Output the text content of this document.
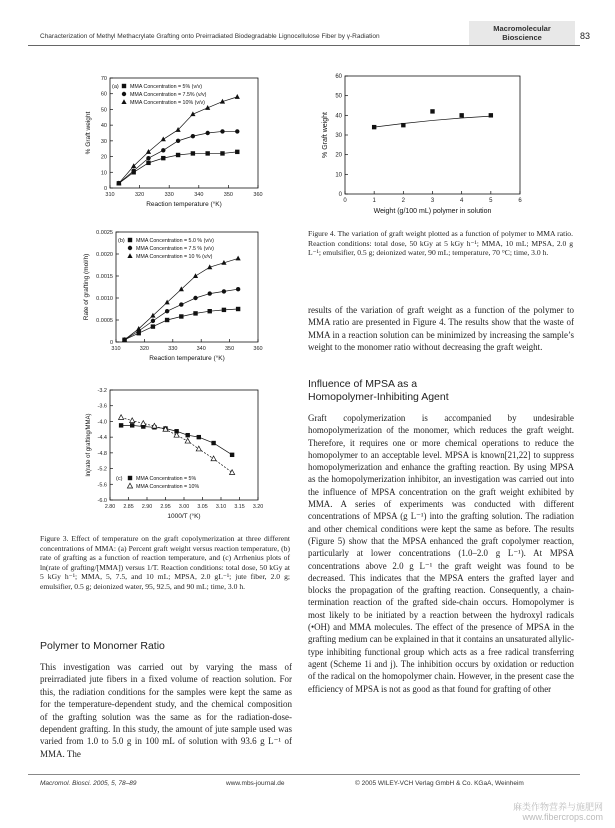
Characterization of Methyl Methacrylate Grafting onto Preirradiated Biodegradable Lignocellulose Fiber by γ-Radiation
Macromolecular
Bioscience	83
310	320	330	340	350	360
0
10
20
30
40
50
60
70
Reaction temperature (°K)
% Graft weight
(a) MMA Concentration = 5% (v/v)
MMA Concentration = 7.5% (v/v)
MMA Concentration = 10% (v/v)
310	320	330	340	350	360
0
0.0005
0.0010
0.0015
0.0020
0.0025
Reaction temperature (°K)
Rate of grafting (mol/h)
(b) MMA Concentration = 5.0 % (v/v)
MMA Concentration = 7.5 % (v/v)
MMA Concentration = 10 % (v/v)
2.80 2.85 2.90 2.95 3.00 3.05 3.10 3.15 3.20
-3.2
-3.6
-4.0
-4.4
-4.8
-5.2
-5.6
-6.0
1000/T (°K)
ln(rate of grafting/MMA)
(c)	MMA Concentration = 5%
MMA Concentration = 10%
Figure 3. Effect of temperature on the graft copolymerization at three different concentrations of MMA: (a) Percent graft weight versus reaction temperature, (b) rate of grafting as a function of reaction temperature, and (c) Arrhenius plots of ln(rate of grafting/[MMA]) versus 1/T. Reaction conditions: total dose, 50 kGy at 5 kGy h⁻¹; MMA, 5, 7.5, and 10 mL; MPSA, 2.0 gL⁻¹; jute fiber, 2.0 g; emulsifier, 0.5 g; deionized water, 95, 92.5, and 90 mL; time, 3.0 h.
0	1	2	3	4	5	6
0
10
20
30
40
50
60
Weight (g/100 mL) polymer in solution
% Graft weight
Figure 4. The variation of graft weight plotted as a function of polymer to MMA ratio. Reaction conditions: total dose, 50 kGy at 5 kGy h⁻¹; MMA, 10 mL; MPSA, 2.0 g L⁻¹; emulsifier, 0.5 g; deionized water, 90 mL; temperature, 70 °C; time, 3.0 h.
Polymer to Monomer Ratio
This investigation was carried out by varying the mass of preirradiated jute fibers in a fixed volume of reaction solution. For this, the radiation conditions for the samples were kept the same as for the temperature-dependent study, and the chemical composition of the grafting solution was the same as for the radiation-dose-dependent grafting. In this study, the amount of jute sample used was varied from 1.0 to 5.0 g in 100 mL of solution with 93.6 g L⁻¹ of MMA. The
results of the variation of graft weight as a function of the polymer to MMA ratio are presented in Figure 4. The results show that the waste of MMA in a reaction solution can be minimized by increasing the sample’s weight to the monomer ratio without decreasing the graft weight.
Influence of MPSA as a
Homopolymer-Inhibiting Agent
Graft copolymerization is accompanied by undesirable homopolymerization of the monomer, which reduces the graft weight. Therefore, it requires one or more chemical operations to reduce the homopolymer to an acceptable level. MPSA is known[21,22] to suppress homopolymerization and enhance the grafting reaction. By using MPSA as the homopolymerization inhibitor, an investigation was carried out into the influence of MPSA concentration on the graft weight exhibited by MMA. A series of experiments was conducted with different concentrations of MPSA (g L⁻¹) into the grafting solution. The radiation and other chemical conditions were kept the same as before. The results (Figure 5) show that the MPSA enhanced the graft copolymer reaction, particularly at lower concentrations (1.0–2.0 g L⁻¹). At MPSA concentrations above 2.0 g L⁻¹ the graft weight was found to be decreased. This indicates that the MPSA enters the grafted layer and blocks the propagation of the grafting reaction. Consequently, a chain-termination reaction of the grafted side-chain occurs. Homopolymer is most likely to be initiated by a reaction between the hydroxyl radicals (•OH) and MMA molecules. The effect of the presence of MPSA in the grafting medium can be explained in that it contains an unsaturated allylic-type inhibiting functional group which acts as a free radical transferring agent (Scheme 1i and j). The inhibition occurs by oxidation or reduction of the radical on the homopolymer chain. However, in the present case the efficiency of MPSA is not as good as that found for grafting of other
Macromol. Biosci. 2005, 5, 78–89	www.mbs-journal.de	© 2005 WILEY-VCH Verlag GmbH & Co. KGaA, Weinheim
麻类作物营养与施肥网
www.fibercrops.com
